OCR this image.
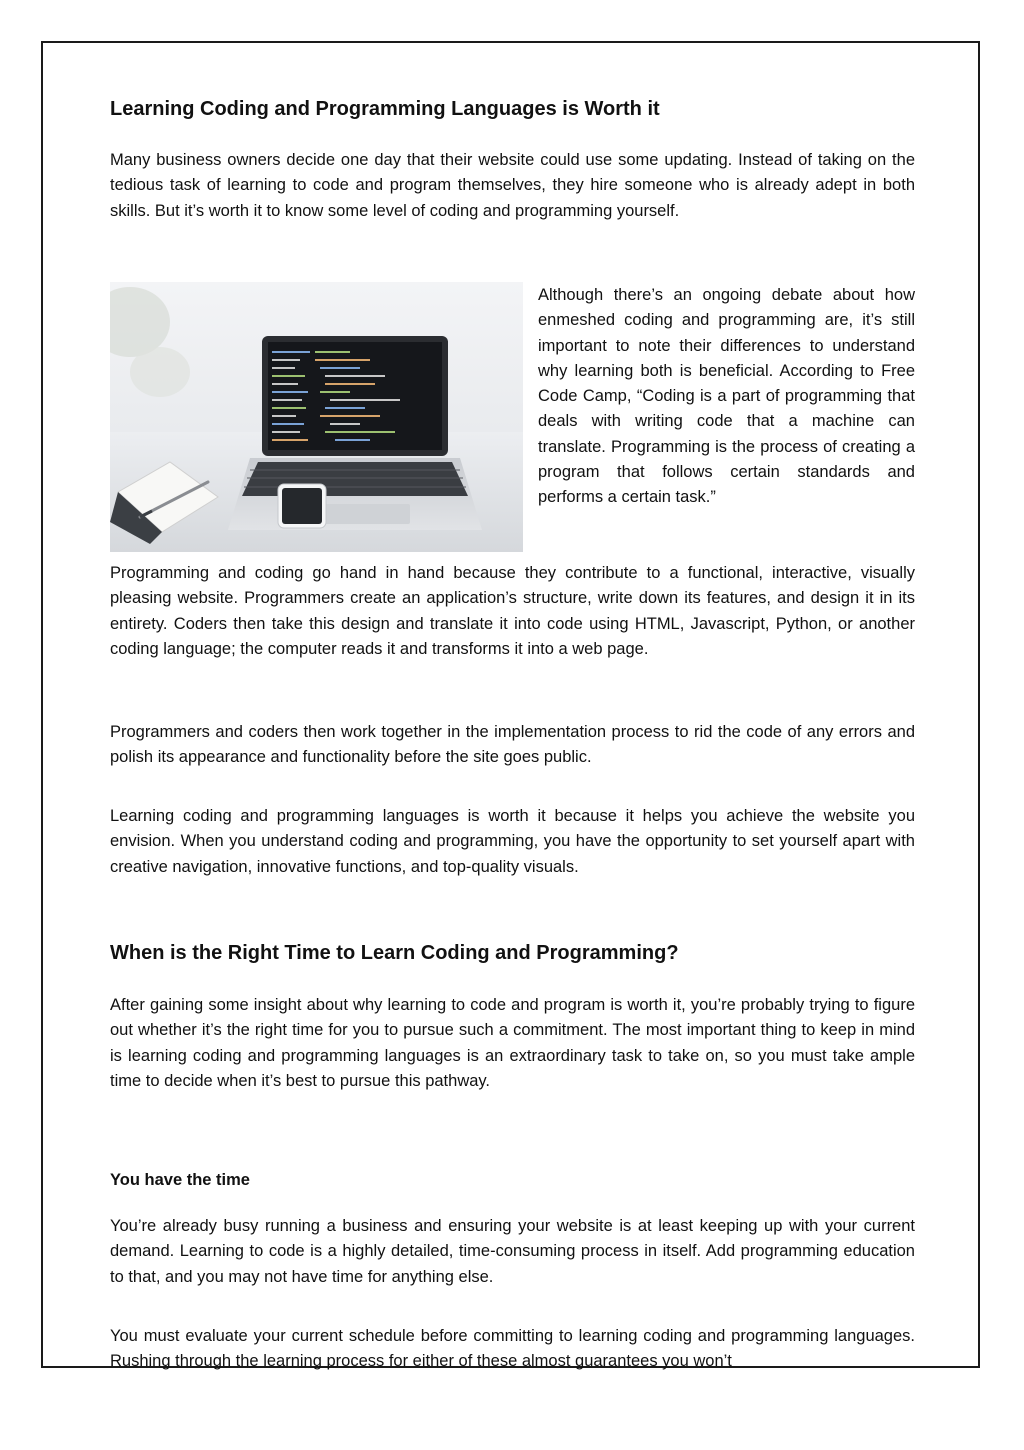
Learning Coding and Programming Languages is Worth it

Many business owners decide one day that their website could use some updating. Instead of taking on the tedious task of learning to code and program themselves, they hire someone who is already adept in both skills. But it’s worth it to know some level of coding and programming yourself.

Although there’s an ongoing debate about how enmeshed coding and programming are, it’s still important to note their differences to understand why learning both is beneficial. According to Free Code Camp, “Coding is a part of programming that deals with writing code that a machine can translate. Programming is the process of creating a program that follows certain standards and performs a certain task.”

Programming and coding go hand in hand because they contribute to a functional, interactive, visually pleasing website. Programmers create an application’s structure, write down its features, and design it in its entirety. Coders then take this design and translate it into code using HTML, Javascript, Python, or another coding language; the computer reads it and transforms it into a web page.

Programmers and coders then work together in the implementation process to rid the code of any errors and polish its appearance and functionality before the site goes public.

Learning coding and programming languages is worth it because it helps you achieve the website you envision. When you understand coding and programming, you have the opportunity to set yourself apart with creative navigation, innovative functions, and top-quality visuals.

When is the Right Time to Learn Coding and Programming?

After gaining some insight about why learning to code and program is worth it, you’re probably trying to figure out whether it’s the right time for you to pursue such a commitment. The most important thing to keep in mind is learning coding and programming languages is an extraordinary task to take on, so you must take ample time to decide when it’s best to pursue this pathway.

You have the time

You’re already busy running a business and ensuring your website is at least keeping up with your current demand. Learning to code is a highly detailed, time-consuming process in itself. Add programming education to that, and you may not have time for anything else.

You must evaluate your current schedule before committing to learning coding and programming languages. Rushing through the learning process for either of these almost guarantees you won’t
